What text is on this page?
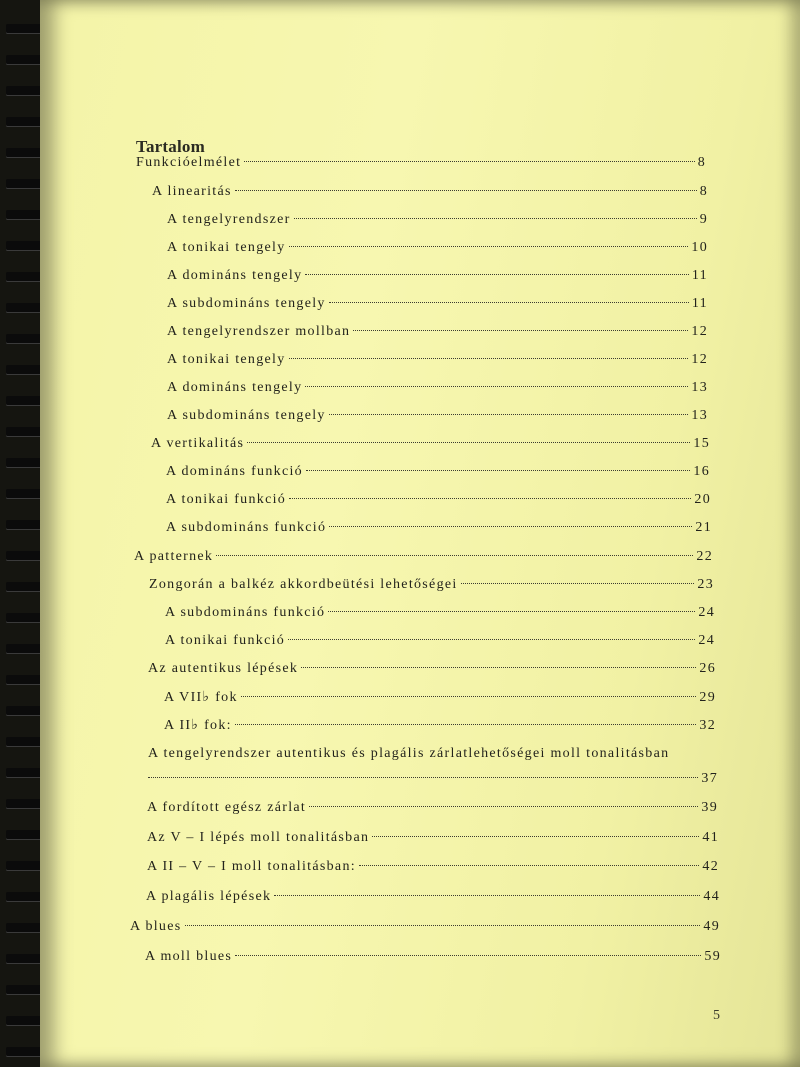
Tartalom
Funkcióelmélet	8
A linearitás	8
A tengelyrendszer	9
A tonikai tengely	10
A domináns tengely	11
A subdomináns tengely	11
A tengelyrendszer mollban	12
A tonikai tengely	12
A domináns tengely	13
A subdomináns tengely	13
A vertikalitás	15
A domináns funkció	16
A tonikai funkció	20
A subdomináns funkció	21
A patternek	22
Zongorán a balkéz akkordbeütési lehetőségei	23
A subdomináns funkció	24
A tonikai funkció	24
Az autentikus lépések	26
A VII♭ fok	29
A II♭ fok:	32
A tengelyrendszer autentikus és plagális zárlatlehetőségei moll tonalitásban
37
A fordított egész zárlat	39
Az V – I lépés moll tonalitásban	41
A II – V – I moll tonalitásban:	42
A plagális lépések	44
A blues	49
A moll blues	59
5
